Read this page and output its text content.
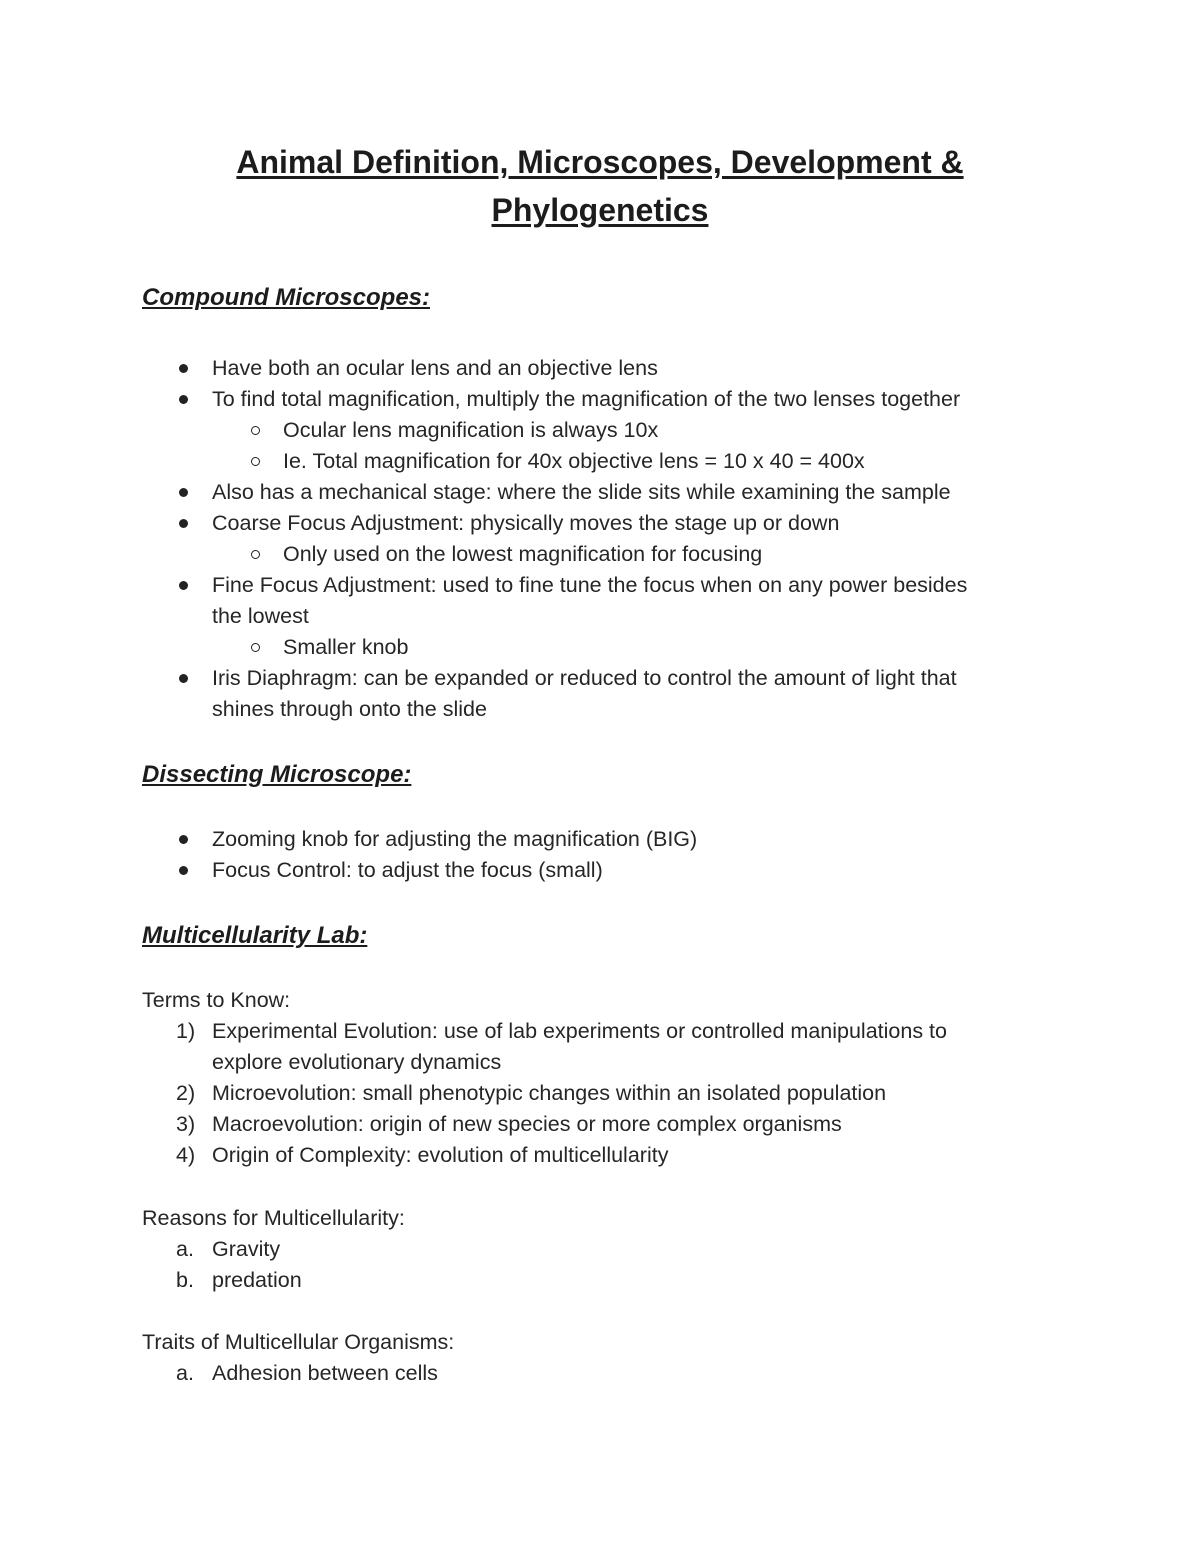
Animal Definition, Microscopes, Development &
Phylogenetics
Compound Microscopes:
Have both an ocular lens and an objective lens
To find total magnification, multiply the magnification of the two lenses together
Ocular lens magnification is always 10x
Ie. Total magnification for 40x objective lens = 10 x 40 = 400x
Also has a mechanical stage: where the slide sits while examining the sample
Coarse Focus Adjustment: physically moves the stage up or down
Only used on the lowest magnification for focusing
Fine Focus Adjustment: used to fine tune the focus when on any power besides
the lowest
Smaller knob
Iris Diaphragm: can be expanded or reduced to control the amount of light that
shines through onto the slide
Dissecting Microscope:
Zooming knob for adjusting the magnification (BIG)
Focus Control: to adjust the focus (small)
Multicellularity Lab:
Terms to Know:
1) Experimental Evolution: use of lab experiments or controlled manipulations to
explore evolutionary dynamics
2) Microevolution: small phenotypic changes within an isolated population
3) Macroevolution: origin of new species or more complex organisms
4) Origin of Complexity: evolution of multicellularity
Reasons for Multicellularity:
a. Gravity
b. predation
Traits of Multicellular Organisms:
a. Adhesion between cells
